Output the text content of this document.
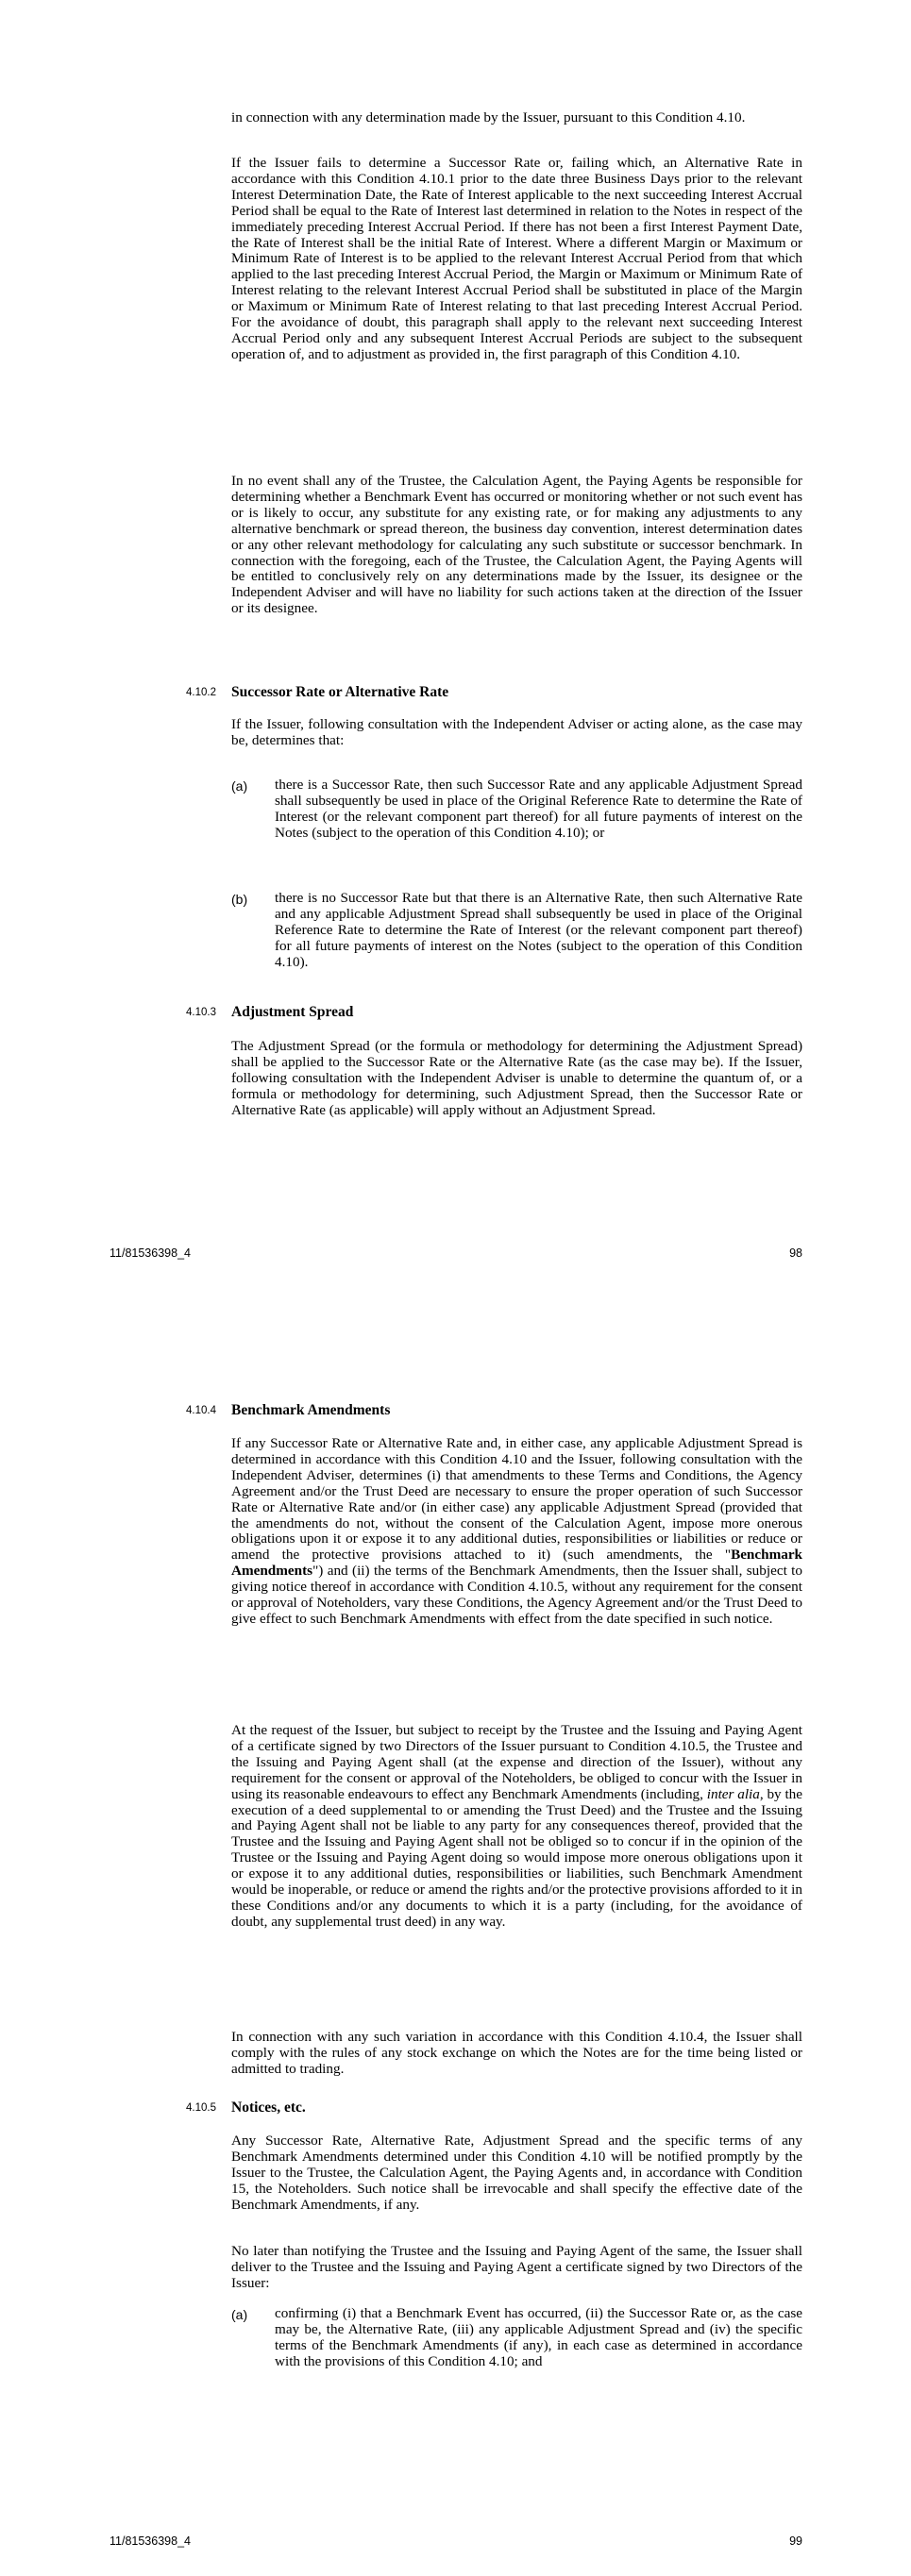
in connection with any determination made by the Issuer, pursuant to this Condition 4.10.

If the Issuer fails to determine a Successor Rate or, failing which, an Alternative Rate in accordance with this Condition 4.10.1 prior to the date three Business Days prior to the relevant Interest Determination Date, the Rate of Interest applicable to the next succeeding Interest Accrual Period shall be equal to the Rate of Interest last determined in relation to the Notes in respect of the immediately preceding Interest Accrual Period. If there has not been a first Interest Payment Date, the Rate of Interest shall be the initial Rate of Interest. Where a different Margin or Maximum or Minimum Rate of Interest is to be applied to the relevant Interest Accrual Period from that which applied to the last preceding Interest Accrual Period, the Margin or Maximum or Minimum Rate of Interest relating to the relevant Interest Accrual Period shall be substituted in place of the Margin or Maximum or Minimum Rate of Interest relating to that last preceding Interest Accrual Period. For the avoidance of doubt, this paragraph shall apply to the relevant next succeeding Interest Accrual Period only and any subsequent Interest Accrual Periods are subject to the subsequent operation of, and to adjustment as provided in, the first paragraph of this Condition 4.10.

In no event shall any of the Trustee, the Calculation Agent, the Paying Agents be responsible for determining whether a Benchmark Event has occurred or monitoring whether or not such event has or is likely to occur, any substitute for any existing rate, or for making any adjustments to any alternative benchmark or spread thereon, the business day convention, interest determination dates or any other relevant methodology for calculating any such substitute or successor benchmark. In connection with the foregoing, each of the Trustee, the Calculation Agent, the Paying Agents will be entitled to conclusively rely on any determinations made by the Issuer, its designee or the Independent Adviser and will have no liability for such actions taken at the direction of the Issuer or its designee.

4.10.2 Successor Rate or Alternative Rate

If the Issuer, following consultation with the Independent Adviser or acting alone, as the case may be, determines that:

(a) there is a Successor Rate, then such Successor Rate and any applicable Adjustment Spread shall subsequently be used in place of the Original Reference Rate to determine the Rate of Interest (or the relevant component part thereof) for all future payments of interest on the Notes (subject to the operation of this Condition 4.10); or

(b) there is no Successor Rate but that there is an Alternative Rate, then such Alternative Rate and any applicable Adjustment Spread shall subsequently be used in place of the Original Reference Rate to determine the Rate of Interest (or the relevant component part thereof) for all future payments of interest on the Notes (subject to the operation of this Condition 4.10).

4.10.3 Adjustment Spread

The Adjustment Spread (or the formula or methodology for determining the Adjustment Spread) shall be applied to the Successor Rate or the Alternative Rate (as the case may be). If the Issuer, following consultation with the Independent Adviser is unable to determine the quantum of, or a formula or methodology for determining, such Adjustment Spread, then the Successor Rate or Alternative Rate (as applicable) will apply without an Adjustment Spread.

11/81536398_4	98
4.10.4 Benchmark Amendments

If any Successor Rate or Alternative Rate and, in either case, any applicable Adjustment Spread is determined in accordance with this Condition 4.10 and the Issuer, following consultation with the Independent Adviser, determines (i) that amendments to these Terms and Conditions, the Agency Agreement and/or the Trust Deed are necessary to ensure the proper operation of such Successor Rate or Alternative Rate and/or (in either case) any applicable Adjustment Spread (provided that the amendments do not, without the consent of the Calculation Agent, impose more onerous obligations upon it or expose it to any additional duties, responsibilities or liabilities or reduce or amend the protective provisions attached to it) (such amendments, the "Benchmark Amendments") and (ii) the terms of the Benchmark Amendments, then the Issuer shall, subject to giving notice thereof in accordance with Condition 4.10.5, without any requirement for the consent or approval of Noteholders, vary these Conditions, the Agency Agreement and/or the Trust Deed to give effect to such Benchmark Amendments with effect from the date specified in such notice.

At the request of the Issuer, but subject to receipt by the Trustee and the Issuing and Paying Agent of a certificate signed by two Directors of the Issuer pursuant to Condition 4.10.5, the Trustee and the Issuing and Paying Agent shall (at the expense and direction of the Issuer), without any requirement for the consent or approval of the Noteholders, be obliged to concur with the Issuer in using its reasonable endeavours to effect any Benchmark Amendments (including, inter alia, by the execution of a deed supplemental to or amending the Trust Deed) and the Trustee and the Issuing and Paying Agent shall not be liable to any party for any consequences thereof, provided that the Trustee and the Issuing and Paying Agent shall not be obliged so to concur if in the opinion of the Trustee or the Issuing and Paying Agent doing so would impose more onerous obligations upon it or expose it to any additional duties, responsibilities or liabilities, such Benchmark Amendment would be inoperable, or reduce or amend the rights and/or the protective provisions afforded to it in these Conditions and/or any documents to which it is a party (including, for the avoidance of doubt, any supplemental trust deed) in any way.

In connection with any such variation in accordance with this Condition 4.10.4, the Issuer shall comply with the rules of any stock exchange on which the Notes are for the time being listed or admitted to trading.

4.10.5 Notices, etc.

Any Successor Rate, Alternative Rate, Adjustment Spread and the specific terms of any Benchmark Amendments determined under this Condition 4.10 will be notified promptly by the Issuer to the Trustee, the Calculation Agent, the Paying Agents and, in accordance with Condition 15, the Noteholders. Such notice shall be irrevocable and shall specify the effective date of the Benchmark Amendments, if any.

No later than notifying the Trustee and the Issuing and Paying Agent of the same, the Issuer shall deliver to the Trustee and the Issuing and Paying Agent a certificate signed by two Directors of the Issuer:

(a) confirming (i) that a Benchmark Event has occurred, (ii) the Successor Rate or, as the case may be, the Alternative Rate, (iii) any applicable Adjustment Spread and (iv) the specific terms of the Benchmark Amendments (if any), in each case as determined in accordance with the provisions of this Condition 4.10; and

11/81536398_4	99
